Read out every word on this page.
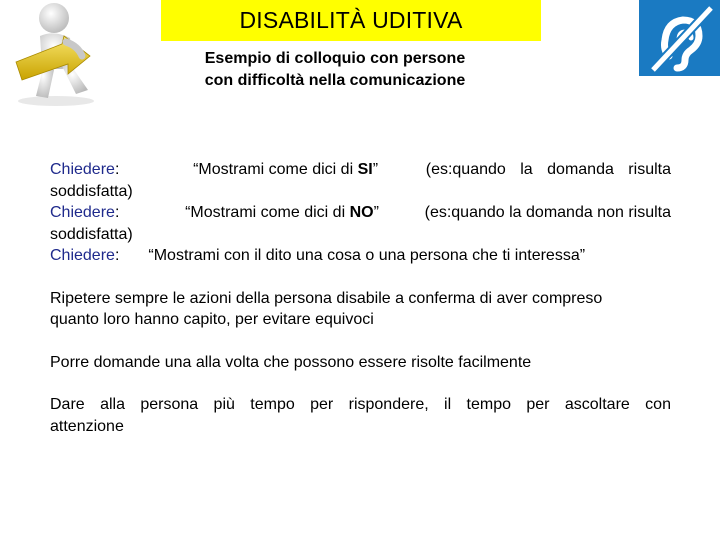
DISABILITÀ UDITIVA
Esempio di colloquio con persone
con difficoltà nella comunicazione
Chiedere:	“Mostrami come dici di SI”	(es:quando la domanda risulta
soddisfatta)
Chiedere:	“Mostrami come dici di NO”	(es:quando la domanda non risulta
soddisfatta)
Chiedere: “Mostrami con il dito una cosa o una persona che ti interessa”
Ripetere sempre le azioni della persona disabile a conferma di aver compreso
quanto loro hanno capito, per evitare equivoci
Porre domande una alla volta che possono essere risolte facilmente
Dare alla persona più tempo per rispondere, il tempo per ascoltare con
attenzione
